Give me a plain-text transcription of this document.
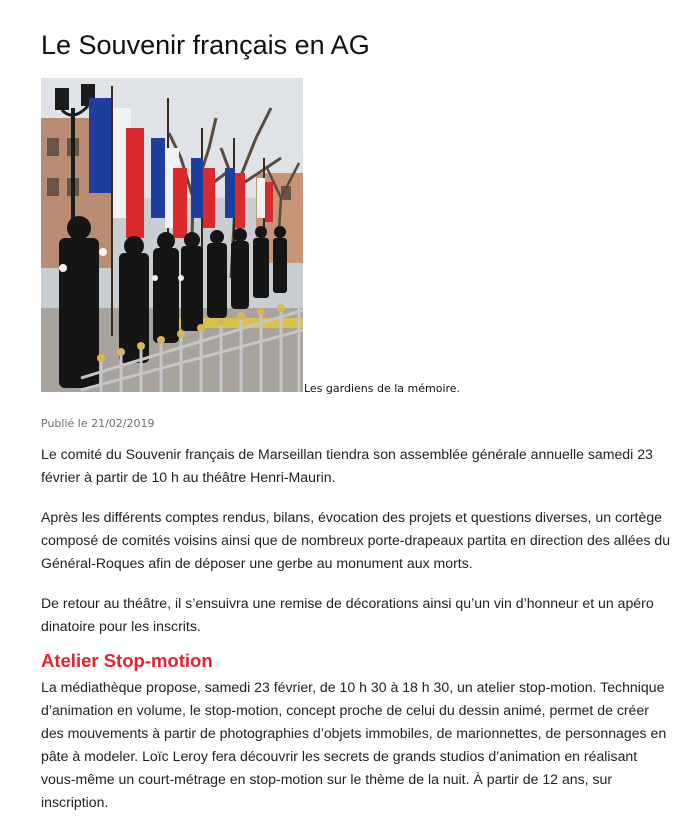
Le Souvenir français en AG
Les gardiens de la mémoire.
Publié le 21/02/2019

Le comité du Souvenir français de Marseillan tiendra son assemblée générale annuelle samedi 23 février à partir de 10 h au théâtre Henri-Maurin.

Après les différents comptes rendus, bilans, évocation des projets et questions diverses, un cortège composé de comités voisins ainsi que de nombreux porte-drapeaux partita en direction des allées du Général-Roques afin de déposer une gerbe au monument aux morts.

De retour au théâtre, il s’ensuivra une remise de décorations ainsi qu’un vin d’honneur et un apéro dinatoire pour les inscrits.

Atelier Stop-motion

La médiathèque propose, samedi 23 février, de 10 h 30 à 18 h 30, un atelier stop-motion. Technique d’animation en volume, le stop-motion, concept proche de celui du dessin animé, permet de créer des mouvements à partir de photographies d’objets immobiles, de marionnettes, de personnages en pâte à modeler. Loïc Leroy fera découvrir les secrets de grands studios d’animation en réalisant vous-même un court-métrage en stop-motion sur le thème de la nuit. À partir de 12 ans, sur inscription.
